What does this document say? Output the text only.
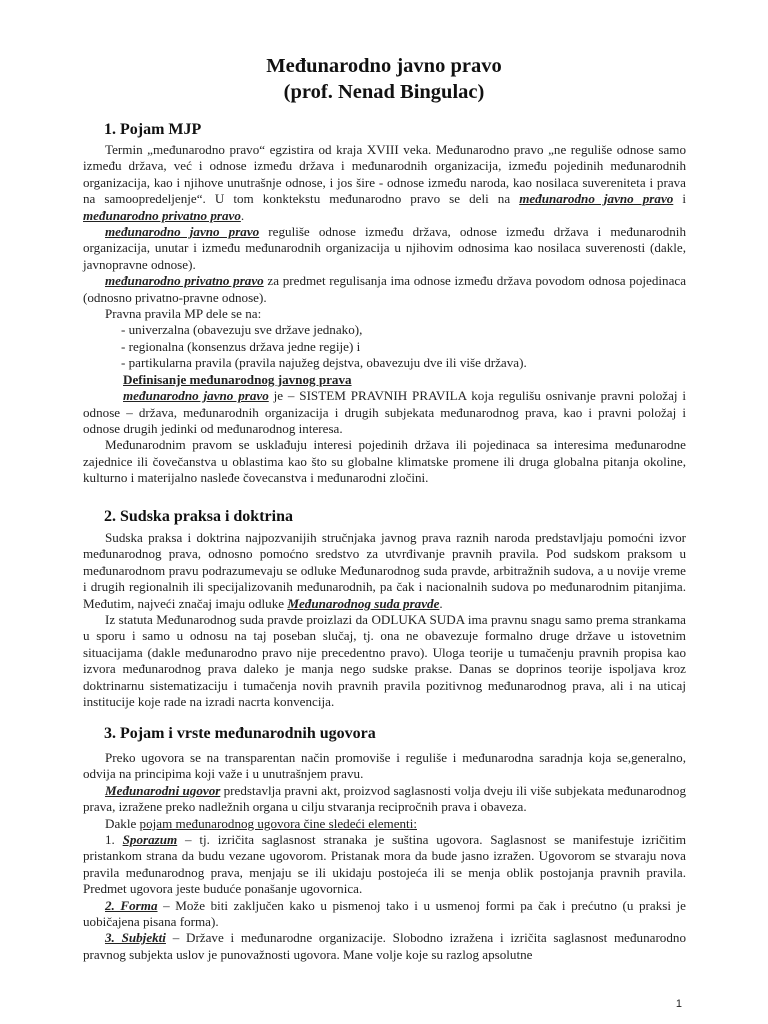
Međunarodno javno pravo
(prof. Nenad Bingulac)
1. Pojam MJP

Termin „međunarodno pravo“ egzistira od kraja XVIII veka. Međunarodno pravo „ne reguliše odnose samo između država, već i odnose između država i međunarodnih organizacija, između pojedinih međunarodnih organizacija, kao i njihove unutrašnje odnose, i jos šire - odnose između naroda, kao nosilaca suvereniteta i prava na samoopredeljenje“. U tom konktekstu međunarodno pravo se deli na međunarodno javno pravo i međunarodno privatno pravo.

međunarodno javno pravo reguliše odnose između država, odnose između država i međunarodnih organizacija, unutar i između međunarodnih organizacija u njihovim odnosima kao nosilaca suverenosti (dakle, javnopravne odnose).

međunarodno privatno pravo za predmet regulisanja ima odnose između država povodom odnosa pojedinaca (odnosno privatno-pravne odnose).

Pravna pravila MP dele se na:

- univerzalna (obavezuju sve države jednako),

- regionalna (konsenzus država jedne regije) i

- partikularna pravila (pravila najužeg dejstva, obavezuju dve ili više država).

Definisanje međunarodnog javnog prava

međunarodno javno pravo je – SISTEM PRAVNIH PRAVILA koja regulišu osnivanje pravni položaj i odnose – država, međunarodnih organizacija i drugih subjekata međunarodnog prava, kao i pravni položaj i odnose drugih jedinki od međunarodnog interesa.

Međunarodnim pravom se usklađuju interesi pojedinih država ili pojedinaca sa interesima međunarodne zajednice ili čovečanstva u oblastima kao što su globalne klimatske promene ili druga globalna pitanja okoline, kulturno i materijalno nasleđe čovecanstva i međunarodni zločini.

2. Sudska praksa i doktrina

Sudska praksa i doktrina najpozvanijih stručnjaka javnog prava raznih naroda predstavljaju pomoćni izvor međunarodnog prava, odnosno pomoćno sredstvo za utvrđivanje pravnih pravila. Pod sudskom praksom u međunarodnom pravu podrazumevaju se odluke Međunarodnog suda pravde, arbitražnih sudova, a u novije vreme i drugih regionalnih ili specijalizovanih međunarodnih, pa čak i nacionalnih sudova po međunarodnim pitanjima. Međutim, najveći značaj imaju odluke Međunarodnog suda pravde.

Iz statuta Međunarodnog suda pravde proizlazi da ODLUKA SUDA ima pravnu snagu samo prema strankama u sporu i samo u odnosu na taj poseban slučaj, tj. ona ne obavezuje formalno druge države u istovetnim situacijama (dakle međunarodno pravo nije precedentno pravo). Uloga teorije u tumačenju pravnih propisa kao izvora međunarodnog prava daleko je manja nego sudske prakse. Danas se doprinos teorije ispoljava kroz doktrinarnu sistematizaciju i tumačenja novih pravnih pravila pozitivnog međunarodnog prava, ali i na uticaj institucije koje rade na izradi nacrta konvencija.

3. Pojam i vrste međunarodnih ugovora

Preko ugovora se na transparentan način promoviše i reguliše i međunarodna saradnja koja se,generalno, odvija na principima koji važe i u unutrašnjem pravu.

Međunarodni ugovor predstavlja pravni akt, proizvod saglasnosti volja dveju ili više subjekata međunarodnog prava, izražene preko nadležnih organa u cilju stvaranja recipročnih prava i obaveza.

Dakle pojam međunarodnog ugovora čine sledeći elementi:

1. Sporazum – tj. izričita saglasnost stranaka je suština ugovora. Saglasnost se manifestuje izričitim pristankom strana da budu vezane ugovorom. Pristanak mora da bude jasno izražen. Ugovorom se stvaraju nova pravila međunarodnog prava, menjaju se ili ukidaju postojeća ili se menja oblik postojanja pravnih pravila. Predmet ugovora jeste buduće ponašanje ugovornica.

2. Forma – Može biti zaključen kako u pismenoj tako i u usmenoj formi pa čak i prećutno (u praksi je uobičajena pisana forma).

3. Subjekti – Države i međunarodne organizacije. Slobodno izražena i izričita saglasnost međunarodno pravnog subjekta uslov je punovažnosti ugovora. Mane volje koje su razlog apsolutne

1
